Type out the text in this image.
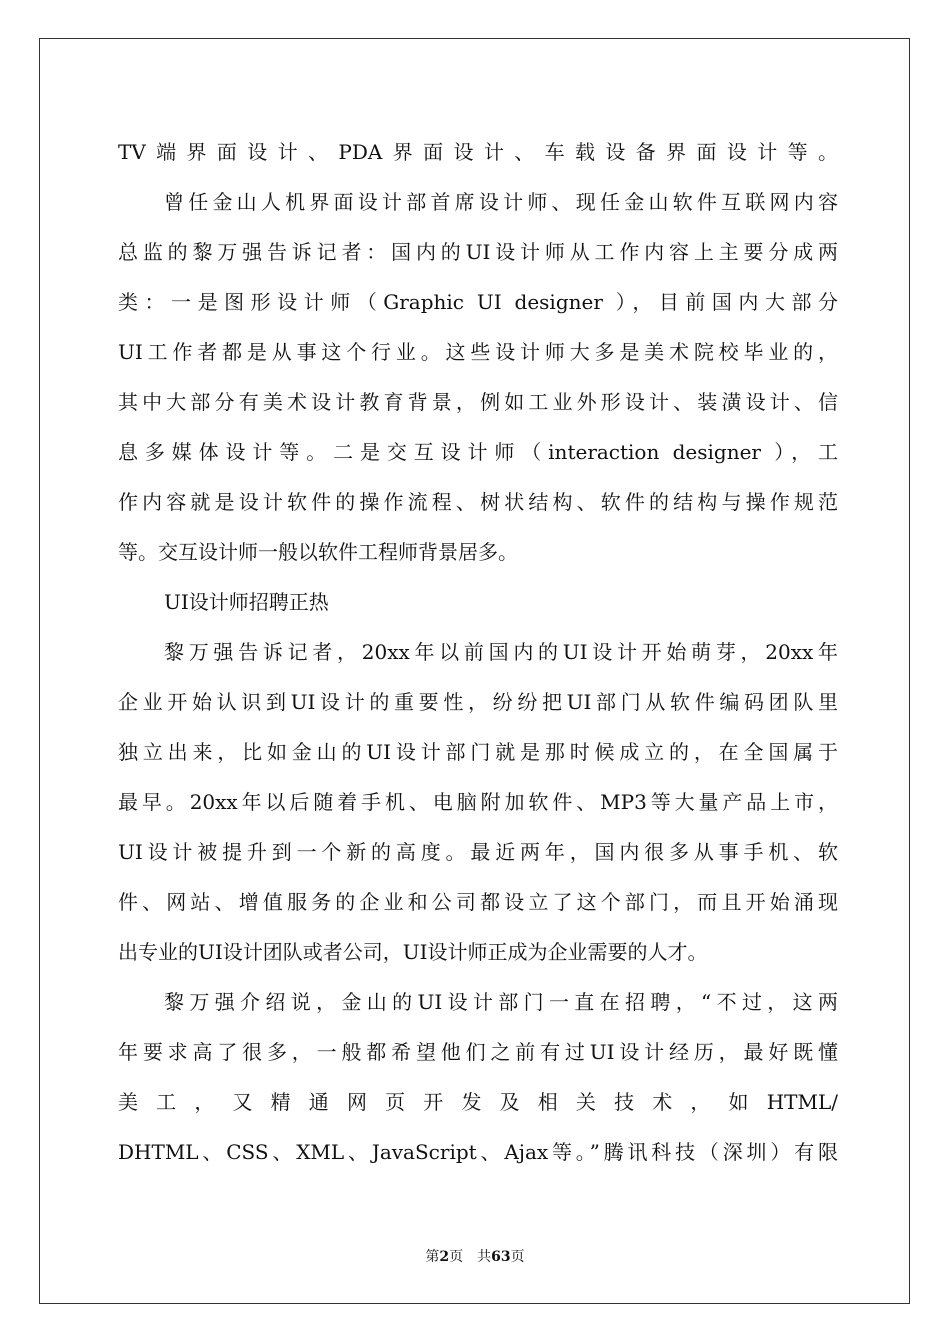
TV端界面设计、PDA界面设计、车载设备界面设计等。
曾任金山人机界面设计部首席设计师、现任金山软件互联网内容
总监的黎万强告诉记者：国内的UI设计师从工作内容上主要分成两
类：一是图形设计师（Graphic UI designer ），目前国内大部分
UI工作者都是从事这个行业。这些设计师大多是美术院校毕业的，
其中大部分有美术设计教育背景，例如工业外形设计、装潢设计、信
息多媒体设计等。二是交互设计师（interaction designer ），工
作内容就是设计软件的操作流程、树状结构、软件的结构与操作规范
等。交互设计师一般以软件工程师背景居多。
UI设计师招聘正热
黎万强告诉记者，20xx年以前国内的UI设计开始萌芽，20xx年
企业开始认识到UI设计的重要性，纷纷把UI部门从软件编码团队里
独立出来，比如金山的UI设计部门就是那时候成立的，在全国属于
最早。20xx年以后随着手机、电脑附加软件、MP3等大量产品上市，
UI设计被提升到一个新的高度。最近两年，国内很多从事手机、软
件、网站、增值服务的企业和公司都设立了这个部门，而且开始涌现
出专业的UI设计团队或者公司，UI设计师正成为企业需要的人才。
黎万强介绍说，金山的UI设计部门一直在招聘，“不过，这两
年要求高了很多，一般都希望他们之前有过UI设计经历，最好既懂
美 工 ， 又 精 通 网 页 开 发 及 相 关 技 术 ， 如 HTML/
DHTML、CSS、XML、JavaScript、Ajax等。”腾讯科技（深圳）有限
第2页 共63页
